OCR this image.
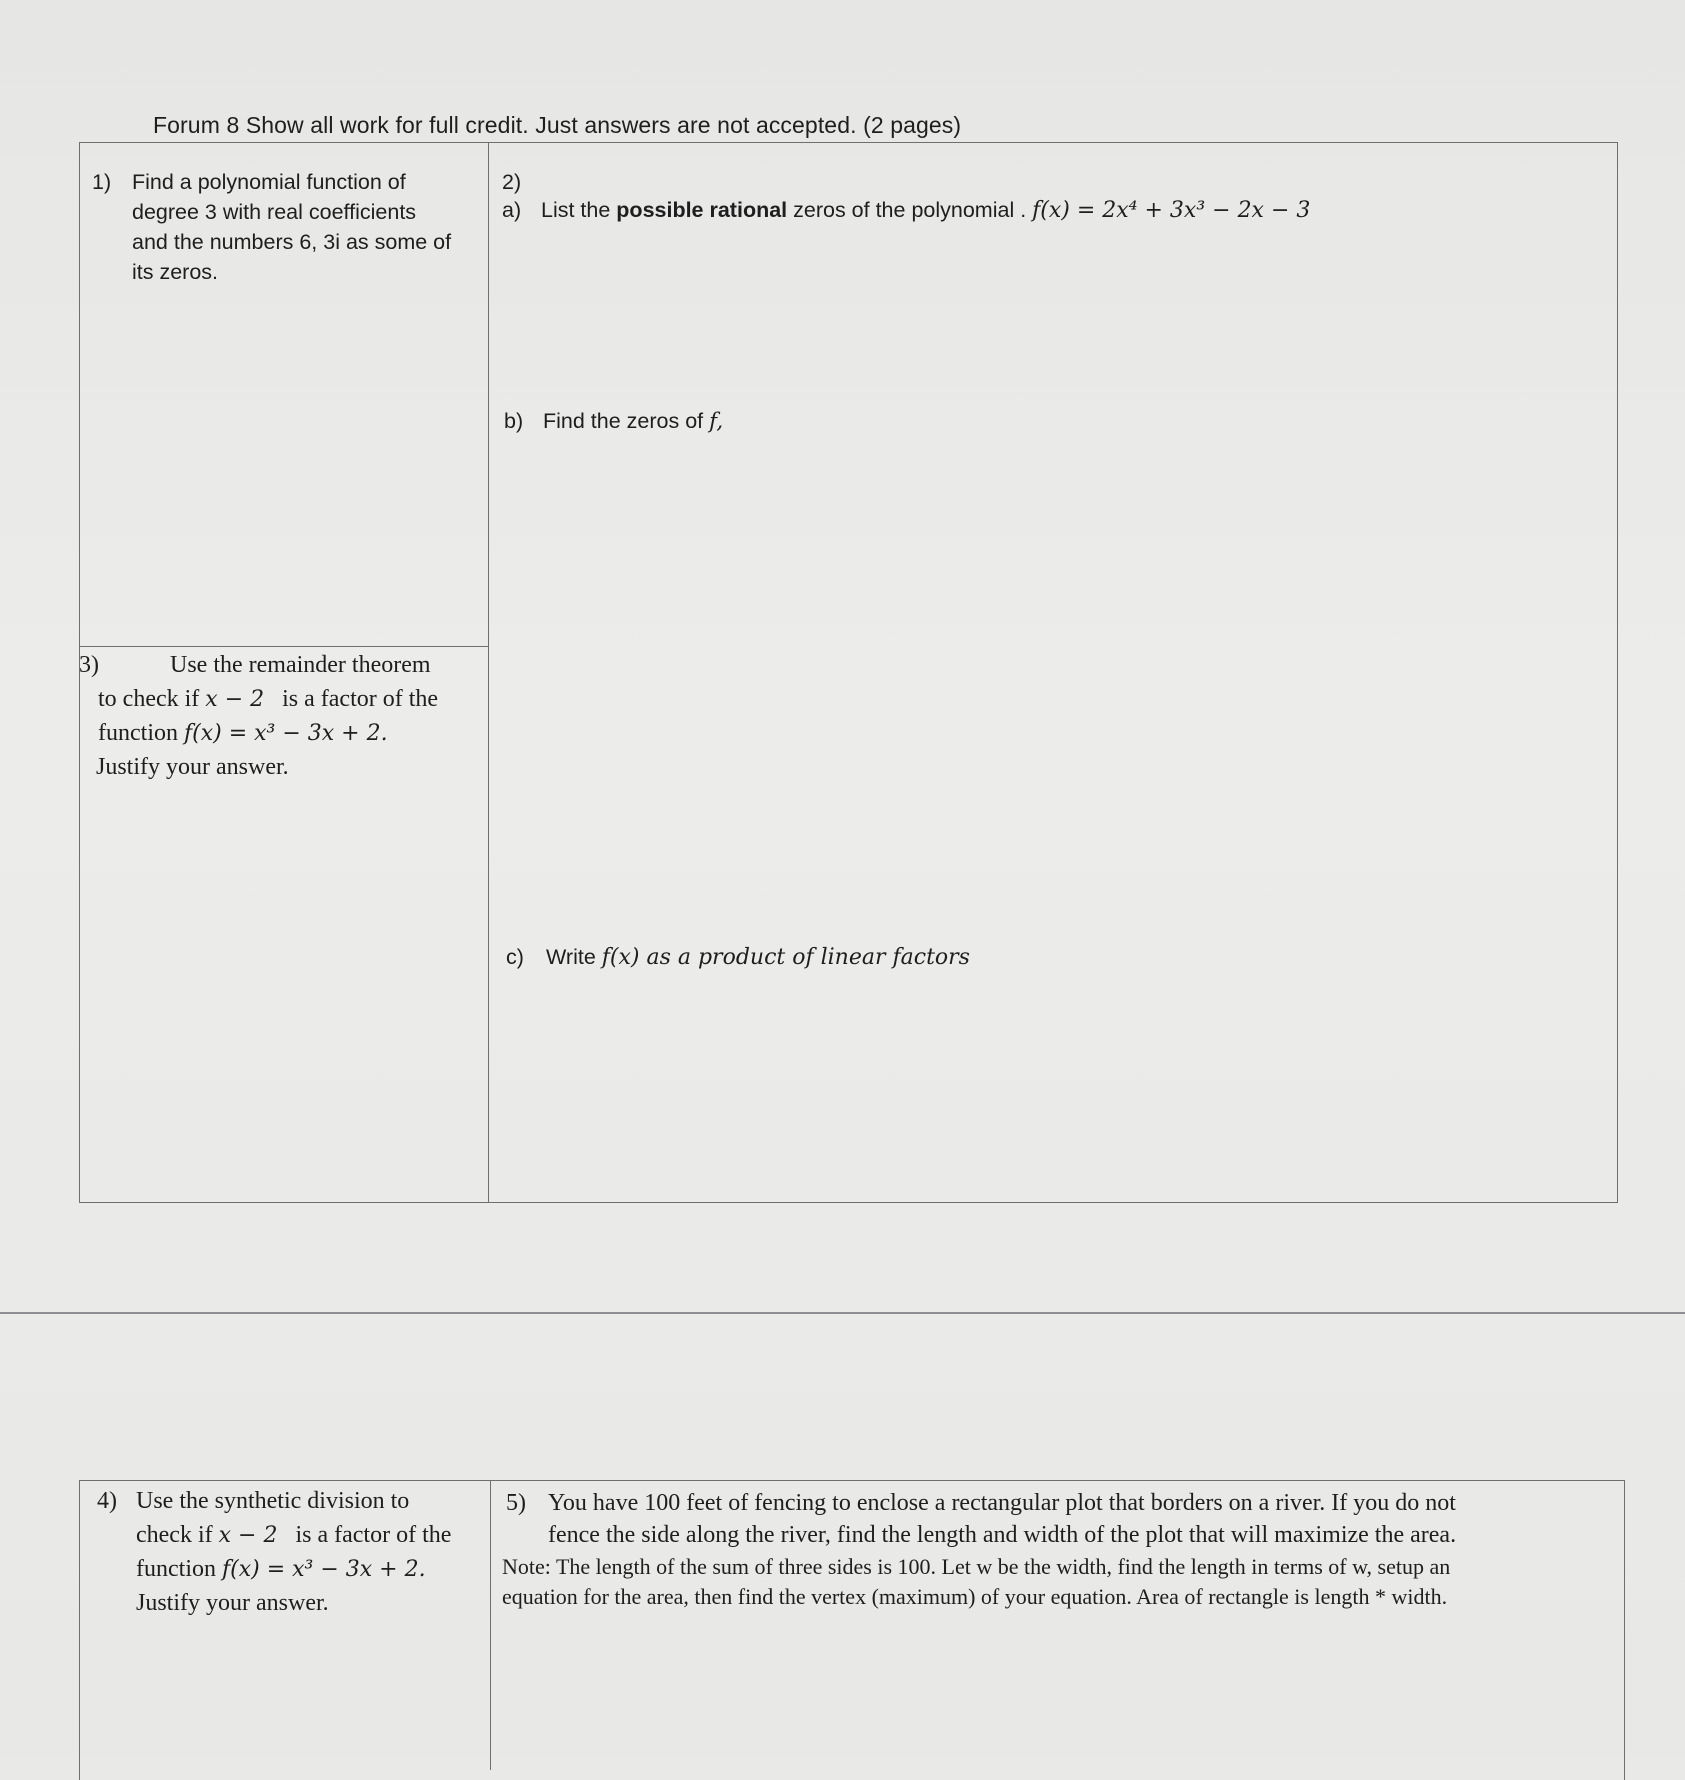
Forum 8 Show all work for full credit. Just answers are not accepted. (2 pages)
1) Find a polynomial function of
degree 3 with real coefficients
and the numbers 6, 3i as some of
its zeros.
2)
a) List the possible rational zeros of the polynomial . f(x) = 2x⁴ + 3x³ − 2x − 3
b) Find the zeros of f,
c) Write f(x) as a product of linear factors
3)	Use the remainder theorem
to check if x − 2   is a factor of the
function f(x) = x³ − 3x + 2.
Justify your answer.
4) Use the synthetic division to
check if x − 2   is a factor of the
function f(x) = x³ − 3x + 2.
Justify your answer.
5) You have 100 feet of fencing to enclose a rectangular plot that borders on a river. If you do not
fence the side along the river, find the length and width of the plot that will maximize the area.
Note: The length of the sum of three sides is 100. Let w be the width, find the length in terms of w, setup an
equation for the area, then find the vertex (maximum) of your equation. Area of rectangle is length * width.
